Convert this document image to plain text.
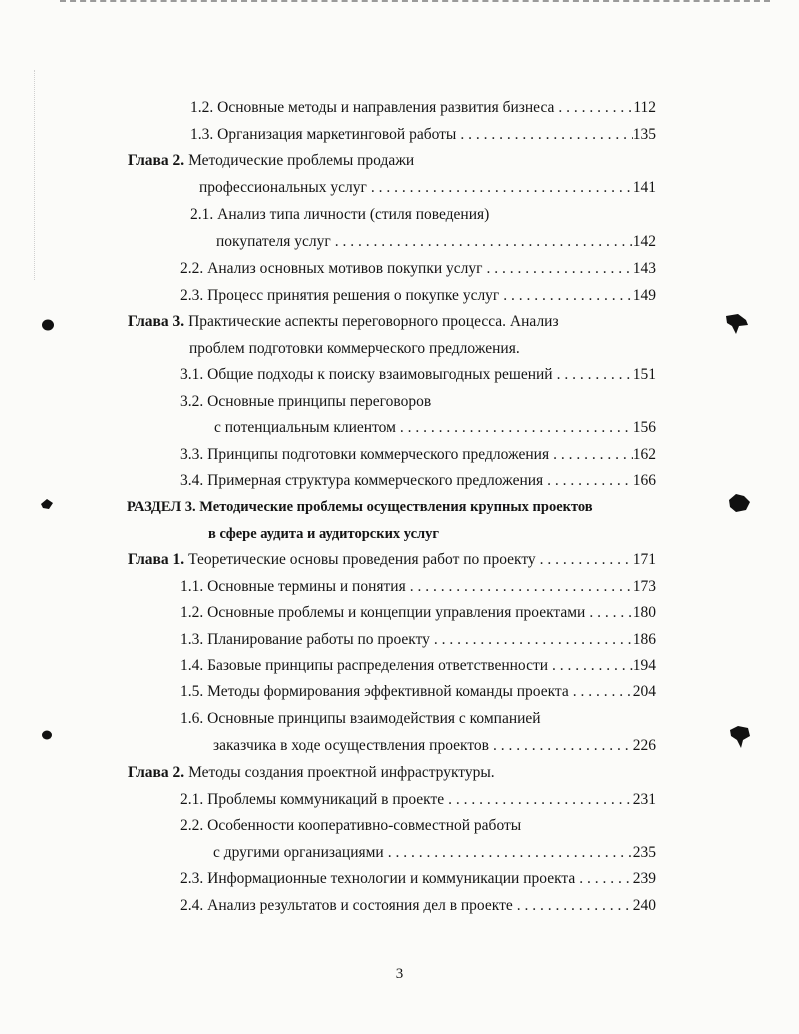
1.2. Основные методы и направления развития бизнеса . . .	112
1.3. Организация маркетинговой работы . . .	135
Глава 2. Методические проблемы продажи
профессиональных услуг . . .	141
2.1. Анализ типа личности (стиля поведения)
покупателя услуг . . .	142
2.2. Анализ основных мотивов покупки услуг . . .	143
2.3. Процесс принятия решения о покупке услуг . . .	149
Глава 3. Практические аспекты переговорного процесса. Анализ
проблем подготовки коммерческого предложения.
3.1. Общие подходы к поиску взаимовыгодных решений . . .	151
3.2. Основные принципы переговоров
с потенциальным клиентом . . .	156
3.3. Принципы подготовки коммерческого предложения . . .	162
3.4. Примерная структура коммерческого предложения . . .	166
РАЗДЕЛ 3. Методические проблемы осуществления крупных проектов
в сфере аудита и аудиторских услуг
Глава 1. Теоретические основы проведения работ по проекту . . .	171
1.1. Основные термины и понятия . . .	173
1.2. Основные проблемы и концепции управления проектами . . .	180
1.3. Планирование работы по проекту . . .	186
1.4. Базовые принципы распределения ответственности . . .	194
1.5. Методы формирования эффективной команды проекта . . .	204
1.6. Основные принципы взаимодействия с компанией
заказчика в ходе осуществления проектов . . .	226
Глава 2. Методы создания проектной инфраструктуры.
2.1. Проблемы коммуникаций в проекте . . .	231
2.2. Особенности кооперативно-совместной работы
с другими организациями . . .	235
2.3. Информационные технологии и коммуникации проекта . . .	239
2.4. Анализ результатов и состояния дел в проекте . . .	240
3
